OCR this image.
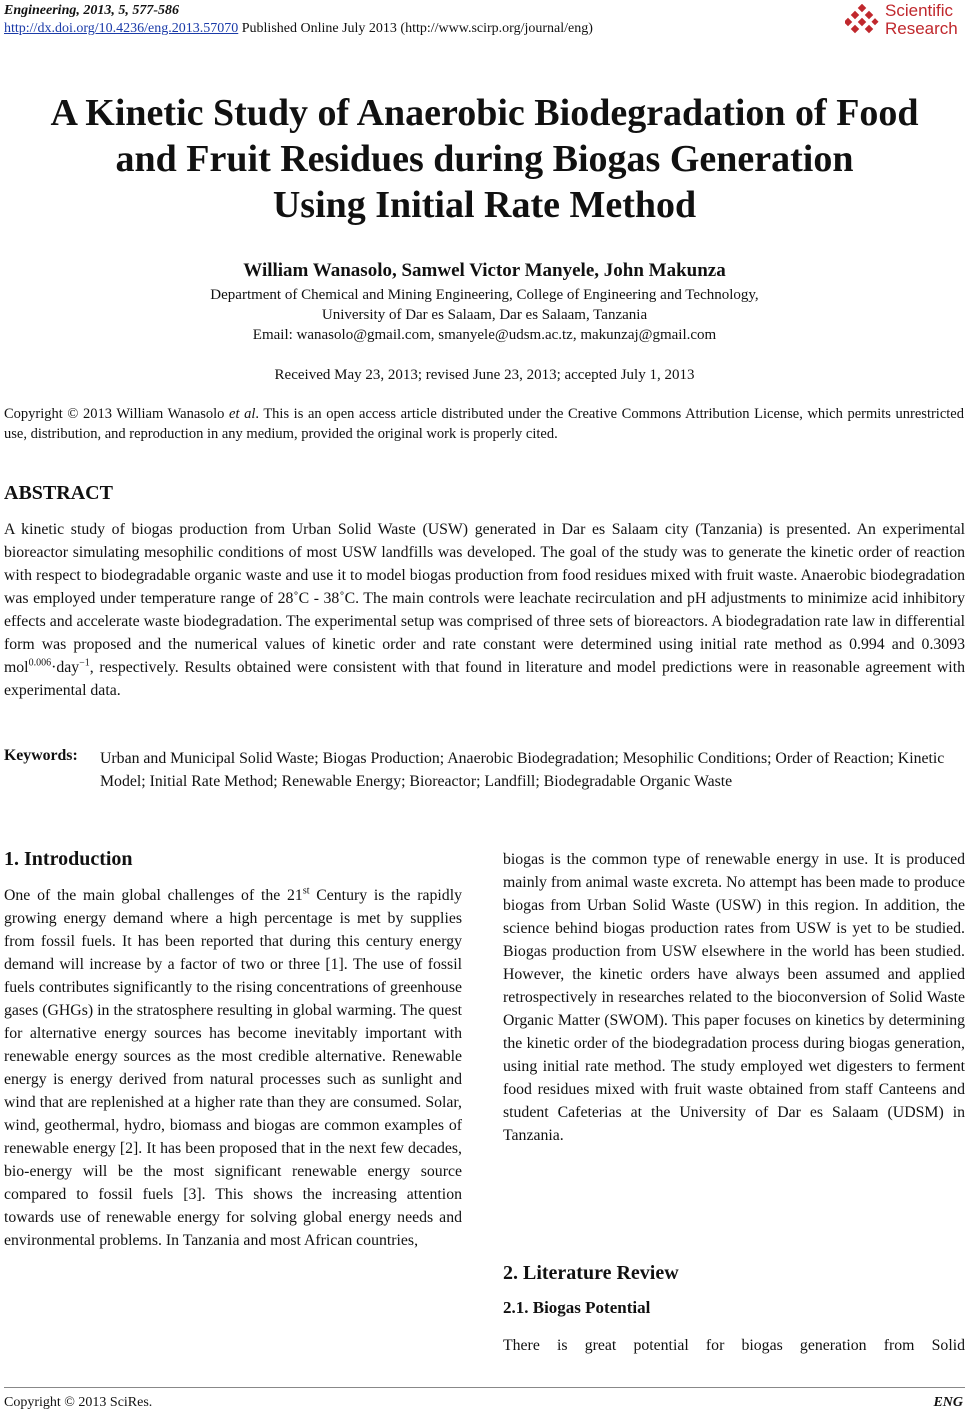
Engineering, 2013, 5, 577-586
http://dx.doi.org/10.4236/eng.2013.57070 Published Online July 2013 (http://www.scirp.org/journal/eng)
Scientific
Research
A Kinetic Study of Anaerobic Biodegradation of Food
and Fruit Residues during Biogas Generation
Using Initial Rate Method
William Wanasolo, Samwel Victor Manyele, John Makunza
Department of Chemical and Mining Engineering, College of Engineering and Technology,
University of Dar es Salaam, Dar es Salaam, Tanzania
Email: wanasolo@gmail.com, smanyele@udsm.ac.tz, makunzaj@gmail.com
Received May 23, 2013; revised June 23, 2013; accepted July 1, 2013
Copyright © 2013 William Wanasolo et al. This is an open access article distributed under the Creative Commons Attribution License, which permits unrestricted use, distribution, and reproduction in any medium, provided the original work is properly cited.
ABSTRACT
A kinetic study of biogas production from Urban Solid Waste (USW) generated in Dar es Salaam city (Tanzania) is presented. An experimental bioreactor simulating mesophilic conditions of most USW landfills was developed. The goal of the study was to generate the kinetic order of reaction with respect to biodegradable organic waste and use it to model biogas production from food residues mixed with fruit waste. Anaerobic biodegradation was employed under temperature range of 28˚C - 38˚C. The main controls were leachate recirculation and pH adjustments to minimize acid inhibitory effects and accelerate waste biodegradation. The experimental setup was comprised of three sets of bioreactors. A biodegradation rate law in differential form was proposed and the numerical values of kinetic order and rate constant were determined using initial rate method as 0.994 and 0.3093 mol$^{0.006}$·day$^{-1}$, respectively. Results obtained were consistent with that found in literature and model predictions were in reasonable agreement with experimental data.
Keywords: Urban and Municipal Solid Waste; Biogas Production; Anaerobic Biodegradation; Mesophilic Conditions; Order of Reaction; Kinetic Model; Initial Rate Method; Renewable Energy; Bioreactor; Landfill; Biodegradable Organic Waste
1. Introduction
One of the main global challenges of the 21st Century is the rapidly growing energy demand where a high percentage is met by supplies from fossil fuels. It has been reported that during this century energy demand will increase by a factor of two or three [1]. The use of fossil fuels contributes significantly to the rising concentrations of greenhouse gases (GHGs) in the stratosphere resulting in global warming. The quest for alternative energy sources has become inevitably important with renewable energy sources as the most credible alternative. Renewable energy is energy derived from natural processes such as sunlight and wind that are replenished at a higher rate than they are consumed. Solar, wind, geothermal, hydro, biomass and biogas are common examples of renewable energy [2]. It has been proposed that in the next few decades, bio-energy will be the most significant renewable energy source compared to fossil fuels [3]. This shows the increasing attention towards use of renewable energy for solving global energy needs and environmental problems. In Tanzania and most African countries,
biogas is the common type of renewable energy in use. It is produced mainly from animal waste excreta. No attempt has been made to produce biogas from Urban Solid Waste (USW) in this region. In addition, the science behind biogas production rates from USW is yet to be studied. Biogas production from USW elsewhere in the world has been studied. However, the kinetic orders have always been assumed and applied retrospectively in researches related to the bioconversion of Solid Waste Organic Matter (SWOM). This paper focuses on kinetics by determining the kinetic order of the biodegradation process during biogas generation, using initial rate method. The study employed wet digesters to ferment food residues mixed with fruit waste obtained from staff Canteens and student Cafeterias at the University of Dar es Salaam (UDSM) in Tanzania.
2. Literature Review
2.1. Biogas Potential
There is great potential for biogas generation from Solid
Copyright © 2013 SciRes.	ENG
